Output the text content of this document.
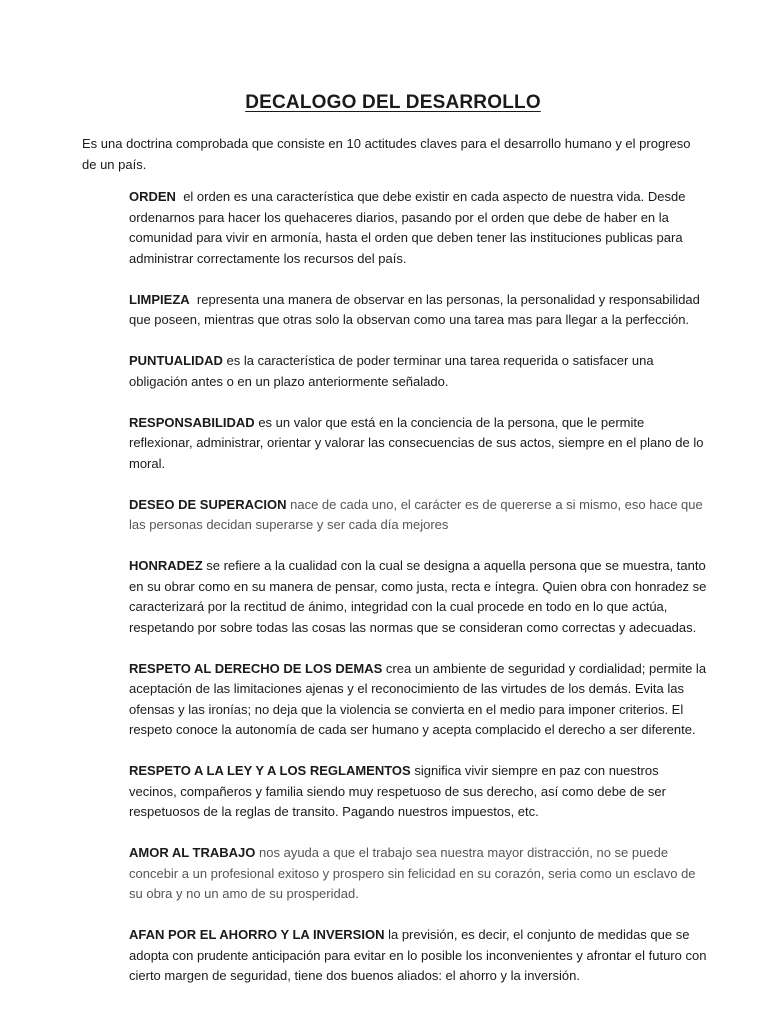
DECALOGO DEL DESARROLLO

Es una doctrina comprobada que consiste en 10 actitudes claves para el desarrollo humano y el progreso de un país.

ORDEN el orden es una característica que debe existir en cada aspecto de nuestra vida. Desde ordenarnos para hacer los quehaceres diarios, pasando por el orden que debe de haber en la comunidad para vivir en armonía, hasta el orden que deben tener las instituciones publicas para administrar correctamente los recursos del país.
LIMPIEZA representa una manera de observar en las personas, la personalidad y responsabilidad que poseen, mientras que otras solo la observan como una tarea mas para llegar a la perfección.
PUNTUALIDAD es la característica de poder terminar una tarea requerida o satisfacer una obligación antes o en un plazo anteriormente señalado.
RESPONSABILIDAD es un valor que está en la conciencia de la persona, que le permite reflexionar, administrar, orientar y valorar las consecuencias de sus actos, siempre en el plano de lo moral.
DESEO DE SUPERACION nace de cada uno, el carácter es de quererse a si mismo, eso hace que las personas decidan superarse y ser cada día mejores
HONRADEZ se refiere a la cualidad con la cual se designa a aquella persona que se muestra, tanto en su obrar como en su manera de pensar, como justa, recta e íntegra. Quien obra con honradez se caracterizará por la rectitud de ánimo, integridad con la cual procede en todo en lo que actúa, respetando por sobre todas las cosas las normas que se consideran como correctas y adecuadas.
RESPETO AL DERECHO DE LOS DEMAS crea un ambiente de seguridad y cordialidad; permite la aceptación de las limitaciones ajenas y el reconocimiento de las virtudes de los demás. Evita las ofensas y las ironías; no deja que la violencia se convierta en el medio para imponer criterios. El respeto conoce la autonomía de cada ser humano y acepta complacido el derecho a ser diferente.
RESPETO A LA LEY Y A LOS REGLAMENTOS significa vivir siempre en paz con nuestros vecinos, compañeros y familia siendo muy respetuoso de sus derecho, así como debe de ser respetuosos de la reglas de transito. Pagando nuestros impuestos, etc.
AMOR AL TRABAJO nos ayuda a que el trabajo sea nuestra mayor distracción, no se puede concebir a un profesional exitoso y prospero sin felicidad en su corazón, seria como un esclavo de su obra y no un amo de su prosperidad.
AFAN POR EL AHORRO Y LA INVERSION la previsión, es decir, el conjunto de medidas que se adopta con prudente anticipación para evitar en lo posible los inconvenientes y afrontar el futuro con cierto margen de seguridad, tiene dos buenos aliados: el ahorro y la inversión.
